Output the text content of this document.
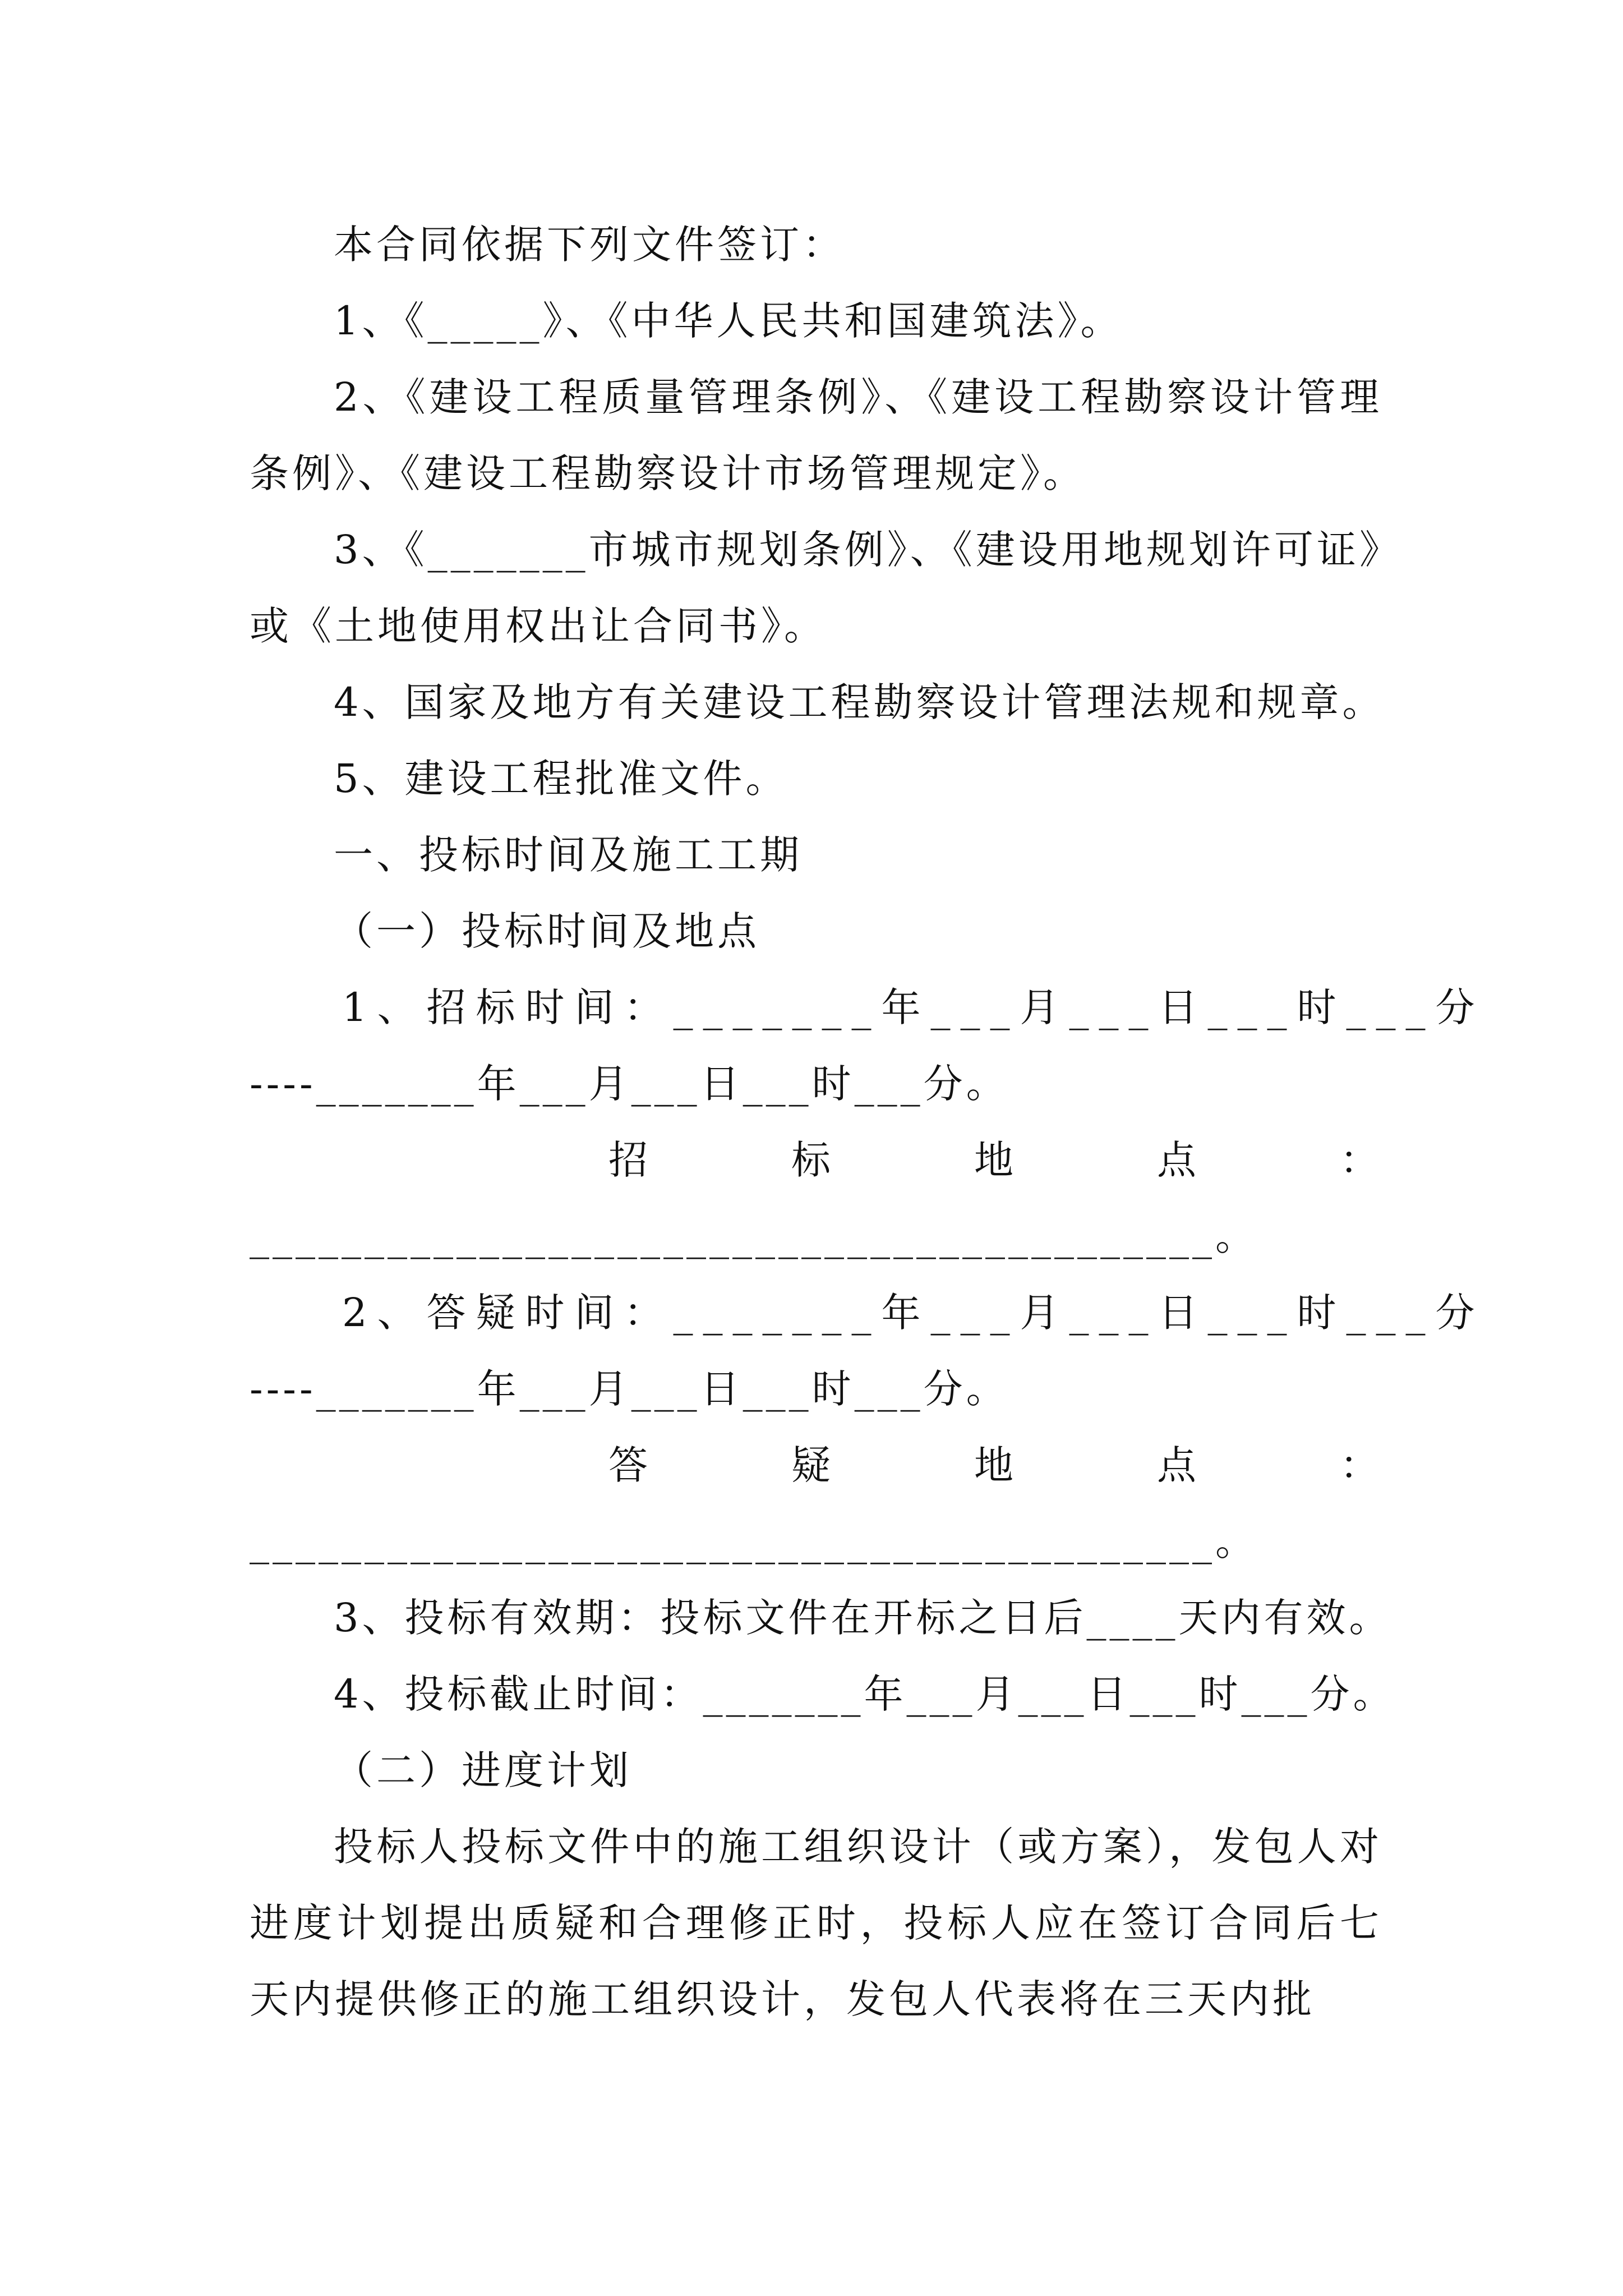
本合同依据下列文件签订：

1、《_____》、《中华人民共和国建筑法》。

2、《建设工程质量管理条例》、《建设工程勘察设计管理条例》、《建设工程勘察设计市场管理规定》。

3、《_______市城市规划条例》、《建设用地规划许可证》或《土地使用权出让合同书》。

4、国家及地方有关建设工程勘察设计管理法规和规章。

5、建设工程批准文件。

一、投标时间及施工工期

（一）投标时间及地点

1、招标时间：_______年___月___日___时___分

----_______年___月___日___时___分。

招	标	地	点	：

__________________________________________。

2、答疑时间：_______年___月___日___时___分

----_______年___月___日___时___分。

答	疑	地	点	：

__________________________________________。

3、投标有效期：投标文件在开标之日后____天内有效。

4、投标截止时间：_______年___月___日___时___分。

（二）进度计划

投标人投标文件中的施工组织设计（或方案），发包人对进度计划提出质疑和合理修正时，投标人应在签订合同后七天内提供修正的施工组织设计，发包人代表将在三天内批
